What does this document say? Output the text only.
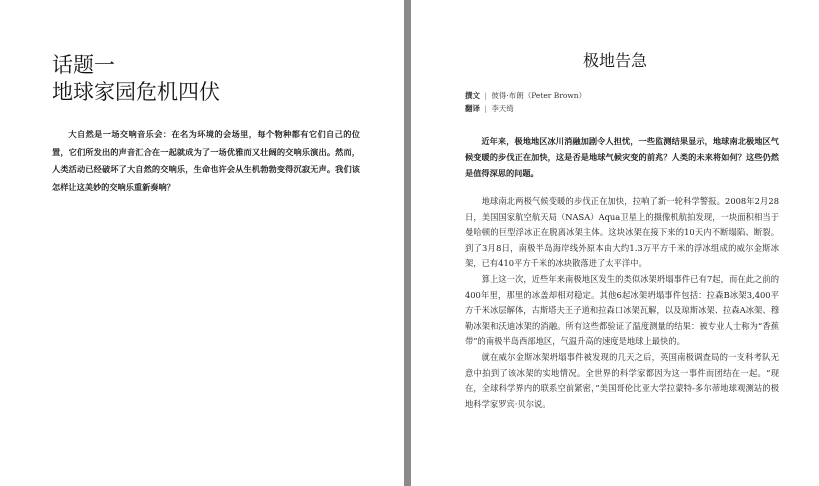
话题一
地球家园危机四伏

大自然是一场交响音乐会：在名为环境的会场里，每个物种都有它们自己的位置，它们所发出的声音汇合在一起就成为了一场优雅而又壮阔的交响乐演出。然而，人类活动已经破坏了大自然的交响乐，生命也许会从生机勃勃变得沉寂无声。我们该怎样让这美妙的交响乐重新奏响？

极地告急
撰文 | 彼得·布朗（Peter Brown）
翻译 | 李天绮

近年来，极地地区冰川消融加剧令人担忧，一些监测结果显示，地球南北极地区气候变暖的步伐正在加快，这是否是地球气候灾变的前兆？人类的未来将如何？这些仍然是值得深思的问题。

地球南北两极气候变暖的步伐正在加快，拉响了新一轮科学警报。2008年2月28日，美国国家航空航天局（NASA）Aqua卫星上的摄像机航拍发现，一块面积相当于曼哈顿的巨型浮冰正在脱离冰架主体。这块冰架在接下来的10天内不断塌陷、断裂。到了3月8日，南极半岛海岸线外原本由大约1.3万平方千米的浮冰组成的威尔金斯冰架，已有410平方千米的冰块散落进了太平洋中。

算上这一次，近些年来南极地区发生的类似冰架坍塌事件已有7起，而在此之前的400年里，那里的冰盖却相对稳定。其他6起冰架坍塌事件包括：拉森B冰架3,400平方千米冰层解体，古斯塔夫王子道和拉森口冰架瓦解，以及琼斯冰架、拉森A冰架、穆勒冰架和沃迪冰架的消融。所有这些都验证了温度测量的结果：被专业人士称为“香蕉带”的南极半岛西部地区，气温升高的速度是地球上最快的。

就在威尔金斯冰架坍塌事件被发现的几天之后，英国南极调查局的一支科考队无意中拍到了该冰架的实地情况。全世界的科学家都因为这一事件而团结在一起。“现在，全球科学界内的联系空前紧密，”美国哥伦比亚大学拉蒙特-多尔蒂地球观测站的极地科学家罗宾·贝尔说。
